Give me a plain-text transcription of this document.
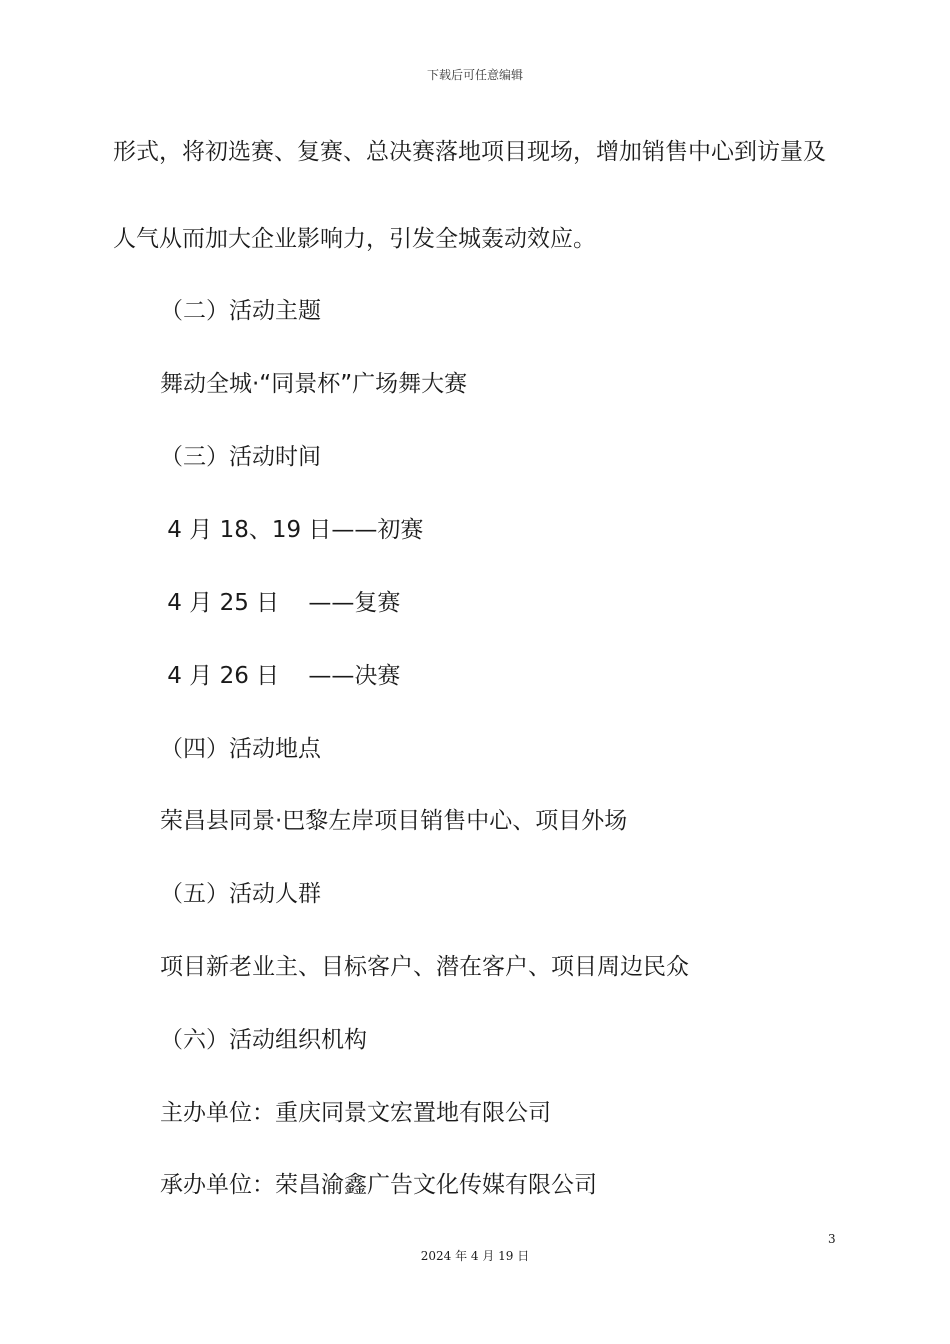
下载后可任意编辑
形式，将初选赛、复赛、总决赛落地项目现场，增加销售中心到访量及
人气从而加大企业影响力，引发全城轰动效应。
（二）活动主题
舞动全城·“同景杯”广场舞大赛
（三）活动时间
4 月 18、19 日——初赛
4 月 25 日    ——复赛
4 月 26 日    ——决赛
（四）活动地点
荣昌县同景·巴黎左岸项目销售中心、项目外场
（五）活动人群
项目新老业主、目标客户、潜在客户、项目周边民众
（六）活动组织机构
主办单位：重庆同景文宏置地有限公司
承办单位：荣昌渝鑫广告文化传媒有限公司
3
2024 年 4 月 19 日
